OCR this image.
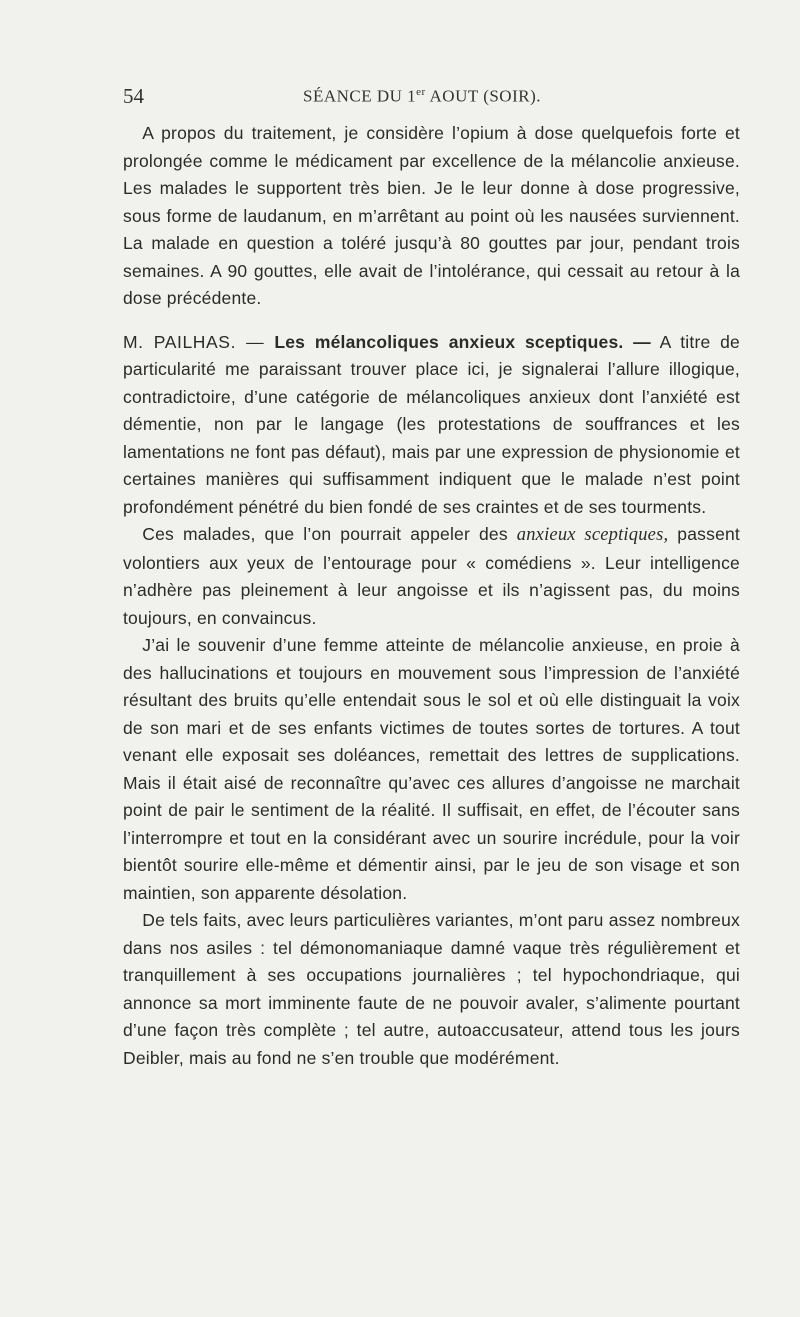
54	SÉANCE DU 1er AOUT (SOIR).

A propos du traitement, je considère l’opium à dose quelquefois forte et prolongée comme le médicament par excellence de la mélancolie anxieuse. Les malades le supportent très bien. Je le leur donne à dose progressive, sous forme de laudanum, en m’arrêtant au point où les nausées surviennent. La malade en question a toléré jusqu’à 80 gouttes par jour, pendant trois semaines. A 90 gouttes, elle avait de l’intolérance, qui cessait au retour à la dose précédente.

M. PAILHAS. — Les mélancoliques anxieux sceptiques. — A titre de particularité me paraissant trouver place ici, je signalerai l’allure illogique, contradictoire, d’une catégorie de mélancoliques anxieux dont l’anxiété est démentie, non par le langage (les protestations de souffrances et les lamentations ne font pas défaut), mais par une expression de physionomie et certaines manières qui suffisamment indiquent que le malade n’est point profondément pénétré du bien fondé de ses craintes et de ses tourments.

Ces malades, que l’on pourrait appeler des anxieux sceptiques, passent volontiers aux yeux de l’entourage pour « comédiens ». Leur intelligence n’adhère pas pleinement à leur angoisse et ils n’agissent pas, du moins toujours, en convaincus.

J’ai le souvenir d’une femme atteinte de mélancolie anxieuse, en proie à des hallucinations et toujours en mouvement sous l’impression de l’anxiété résultant des bruits qu’elle entendait sous le sol et où elle distinguait la voix de son mari et de ses enfants victimes de toutes sortes de tortures. A tout venant elle exposait ses doléances, remettait des lettres de supplications. Mais il était aisé de reconnaître qu’avec ces allures d’angoisse ne marchait point de pair le sentiment de la réalité. Il suffisait, en effet, de l’écouter sans l’interrompre et tout en la considérant avec un sourire incrédule, pour la voir bientôt sourire elle-même et démentir ainsi, par le jeu de son visage et son maintien, son apparente désolation.

De tels faits, avec leurs particulières variantes, m’ont paru assez nombreux dans nos asiles : tel démonomaniaque damné vaque très régulièrement et tranquillement à ses occupations journalières ; tel hypochondriaque, qui annonce sa mort imminente faute de ne pouvoir avaler, s’alimente pourtant d’une façon très complète ; tel autre, autoaccusateur, attend tous les jours Deibler, mais au fond ne s’en trouble que modérément.
